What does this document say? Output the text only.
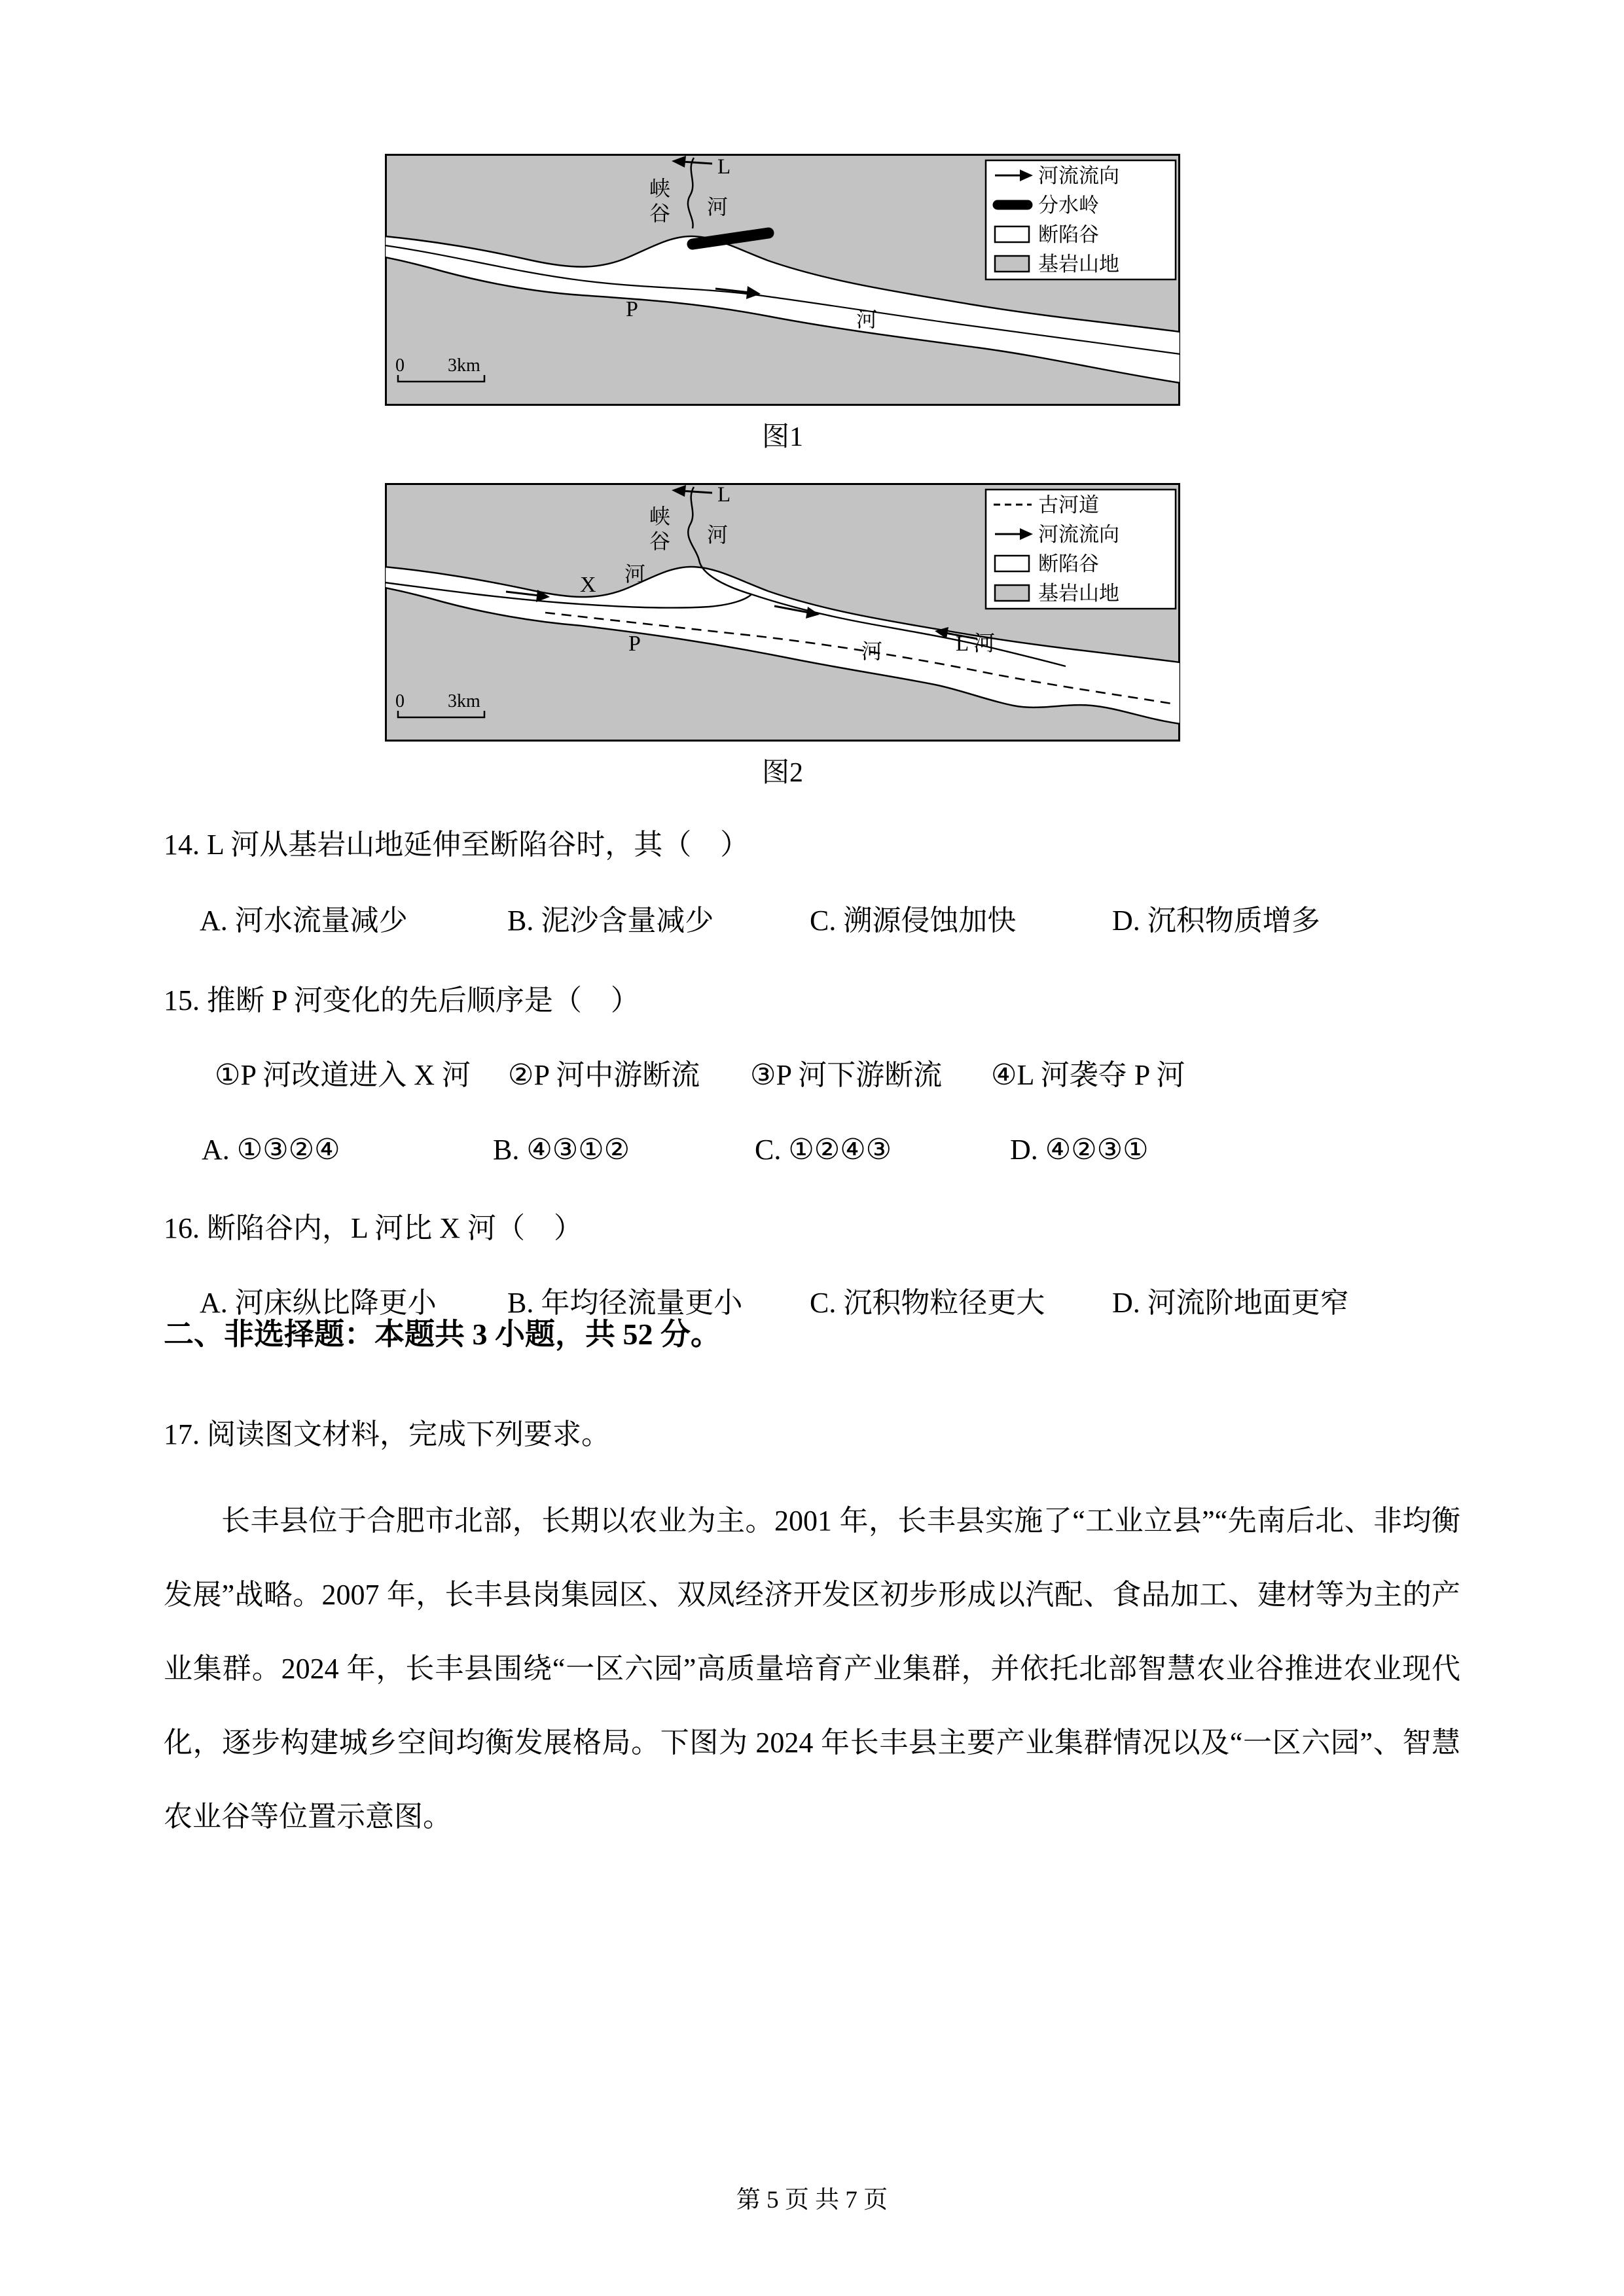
L
峡
谷 河
P	河
河流流向
分水岭
断陷谷
基岩山地
0 3km
图1
L
峡
谷 河
X 河
P	河	L 河
古河道
河流流向
断陷谷
基岩山地
0 3km
图2

14. L 河从基岩山地延伸至断陷谷时，其（　）

A. 河水流量减少	B. 泥沙含量减少	C. 溯源侵蚀加快	D. 沉积物质增多

15. 推断 P 河变化的先后顺序是（　）

①P 河改道进入 X 河	②P 河中游断流	③P 河下游断流	④L 河袭夺 P 河
A. ①③②④	B. ④③①②	C. ①②④③	D. ④②③①

16. 断陷谷内，L 河比 X 河（　）

A. 河床纵比降更小	B. 年均径流量更小	C. 沉积物粒径更大	D. 河流阶地面更窄

二、非选择题：本题共 3 小题，共 52 分。

17. 阅读图文材料，完成下列要求。

长丰县位于合肥市北部，长期以农业为主。2001 年，长丰县实施了“工业立县”“先南后北、非均衡发展”战略。2007 年，长丰县岗集园区、双凤经济开发区初步形成以汽配、食品加工、建材等为主的产业集群。2024 年，长丰县围绕“一区六园”高质量培育产业集群，并依托北部智慧农业谷推进农业现代化，逐步构建城乡空间均衡发展格局。下图为 2024 年长丰县主要产业集群情况以及“一区六园”、智慧农业谷等位置示意图。

第 5 页 共 7 页
